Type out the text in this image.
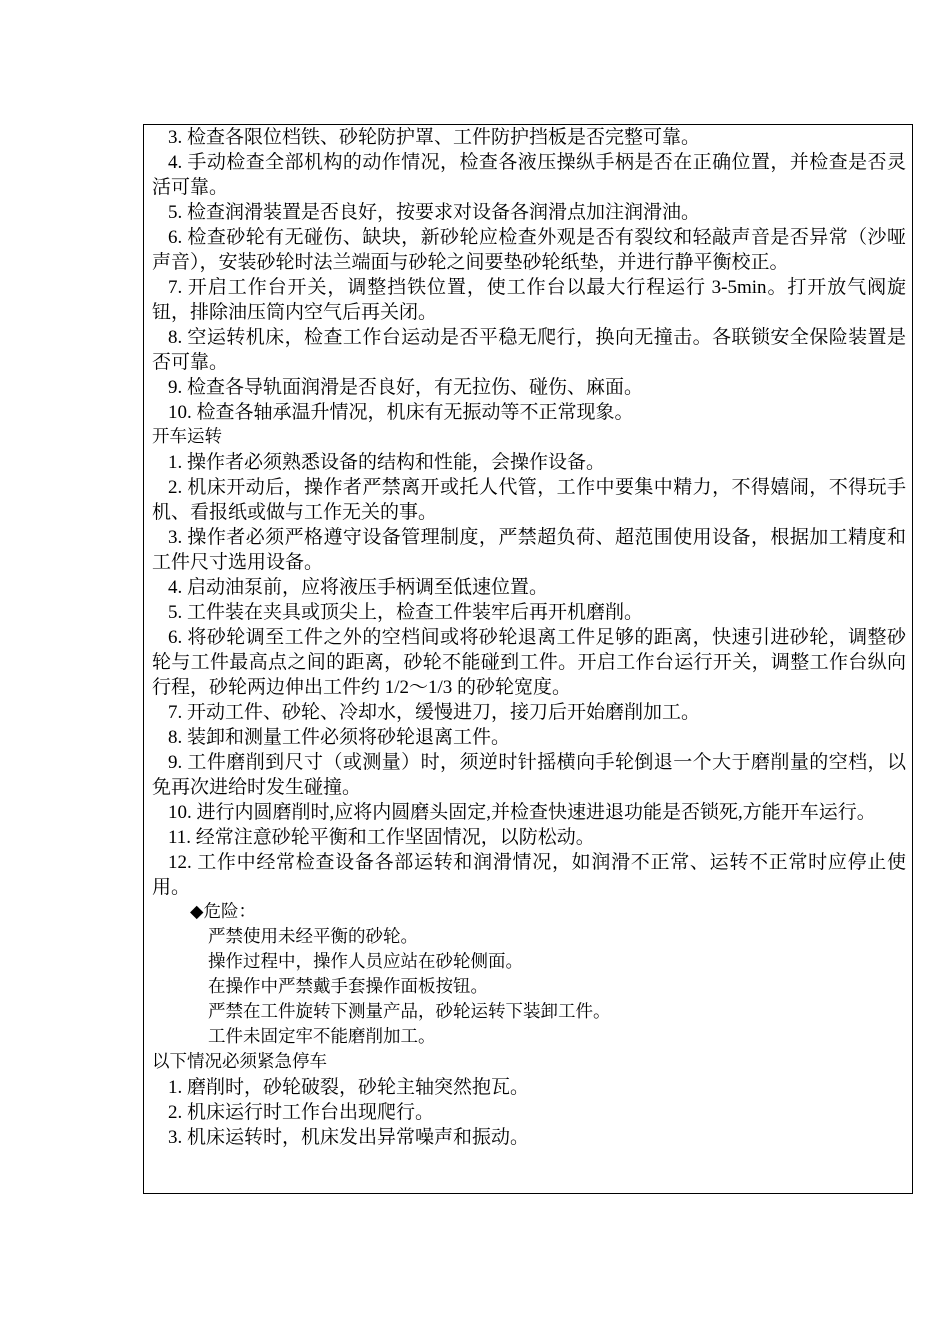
3. 检查各限位档铁、砂轮防护罩、工件防护挡板是否完整可靠。

4. 手动检查全部机构的动作情况，检查各液压操纵手柄是否在正确位置，并检查是否灵活可靠。

5. 检查润滑装置是否良好，按要求对设备各润滑点加注润滑油。

6. 检查砂轮有无碰伤、缺块，新砂轮应检查外观是否有裂纹和轻敲声音是否异常（沙哑声音），安装砂轮时法兰端面与砂轮之间要垫砂轮纸垫，并进行静平衡校正。

7. 开启工作台开关，调整挡铁位置，使工作台以最大行程运行 3-5min。打开放气阀旋钮，排除油压筒内空气后再关闭。

8. 空运转机床，检查工作台运动是否平稳无爬行，换向无撞击。各联锁安全保险装置是否可靠。

9. 检查各导轨面润滑是否良好，有无拉伤、碰伤、麻面。

10. 检查各轴承温升情况，机床有无振动等不正常现象。

开车运转

1. 操作者必须熟悉设备的结构和性能，会操作设备。

2. 机床开动后，操作者严禁离开或托人代管，工作中要集中精力，不得嬉闹，不得玩手机、看报纸或做与工作无关的事。

3. 操作者必须严格遵守设备管理制度，严禁超负荷、超范围使用设备，根据加工精度和工件尺寸选用设备。

4. 启动油泵前，应将液压手柄调至低速位置。

5. 工件装在夹具或顶尖上，检查工件装牢后再开机磨削。

6. 将砂轮调至工件之外的空档间或将砂轮退离工件足够的距离，快速引进砂轮，调整砂轮与工件最高点之间的距离，砂轮不能碰到工件。开启工作台运行开关，调整工作台纵向行程，砂轮两边伸出工件约 1/2～1/3 的砂轮宽度。

7. 开动工件、砂轮、冷却水，缓慢进刀，接刀后开始磨削加工。

8. 装卸和测量工件必须将砂轮退离工件。

9. 工件磨削到尺寸（或测量）时，须逆时针摇横向手轮倒退一个大于磨削量的空档，以免再次进给时发生碰撞。

10. 进行内圆磨削时,应将内圆磨头固定,并检查快速进退功能是否锁死,方能开车运行。

11. 经常注意砂轮平衡和工作坚固情况，以防松动。

12. 工作中经常检查设备各部运转和润滑情况，如润滑不正常、运转不正常时应停止使用。

◆危险：

严禁使用未经平衡的砂轮。

操作过程中，操作人员应站在砂轮侧面。

在操作中严禁戴手套操作面板按钮。

严禁在工件旋转下测量产品，砂轮运转下装卸工件。

工件未固定牢不能磨削加工。

以下情况必须紧急停车

1. 磨削时，砂轮破裂，砂轮主轴突然抱瓦。

2. 机床运行时工作台出现爬行。

3. 机床运转时，机床发出异常噪声和振动。
